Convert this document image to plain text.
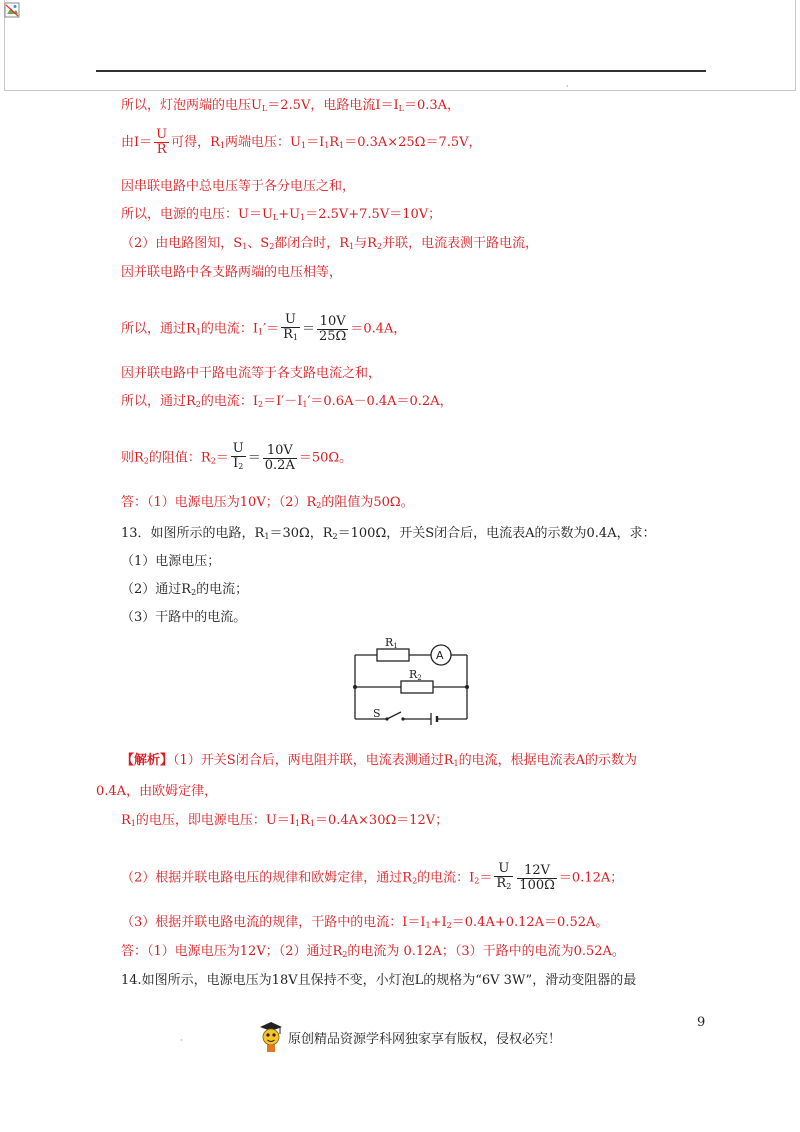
·
所以，灯泡两端的电压$U_L=2.5V$，电路电流$I=I_L=0.3A$，
由$I= \frac{U}{R}$ 可得，$R_1$两端电压：$U_1=I_1R_1=0.3A\times 25\Omega=7.5V$，
因串联电路中总电压等于各分电压之和，
所以，电源的电压：$U=U_L+U_1=2.5V+7.5V=10V$；
（2）由电路图知，$S_1$、$S_2$都闭合时，$R_1$与$R_2$并联，电流表测干路电流，
因并联电路中各支路两端的电压相等，
所以，通过$R_1$的电流：$I_1'= \frac{U}{R_1} = \frac{10V}{25\Omega} =0.4A$，
因并联电路中干路电流等于各支路电流之和，
所以，通过$R_2$的电流：$I_2=I'-I_1'=0.6A-0.4A=0.2A$，
则$R_2$的阻值：$R_2= \frac{U}{I_2} = \frac{10V}{0.2A} =50\Omega$。
答：（1）电源电压为10V；$(2)R_2$的阻值为50Ω。
13．如图所示的电路，$R_1=30\Omega$，$R_2=100\Omega$，开关S闭合后，电流表A的示数为0.4A，求：
（1）电源电压；
（2）通过$R_2$的电流；
（3）干路中的电流。
R1
A
R2
S
【解析】（1）开关S闭合后，两电阻并联，电流表测通过$R_1$的电流，根据电流表A的示数为
0.4A，由欧姆定律，
$R_1$的电压，即电源电压：$U=I_1R_1=0.4A\times 30\Omega=12V$；
（2）根据并联电路电压的规律和欧姆定律，通过$R_2$的电流：$I_2= \frac{U}{R_2} \frac{12V}{100\Omega} =0.12A$；
（3）根据并联电路电流的规律，干路中的电流：$I=I_1+I_2=0.4A+0.12A=0.52A$。
答：（1）电源电压为12V；（2）通过$R_2$的电流为 0.12A；（3）干路中的电流为0.52A。
14.如图所示，电源电压为18V且保持不变，小灯泡L的规格为“6V 3W”，滑动变阻器的最
9
·	原创精品资源学科网独家享有版权，侵权必究！
